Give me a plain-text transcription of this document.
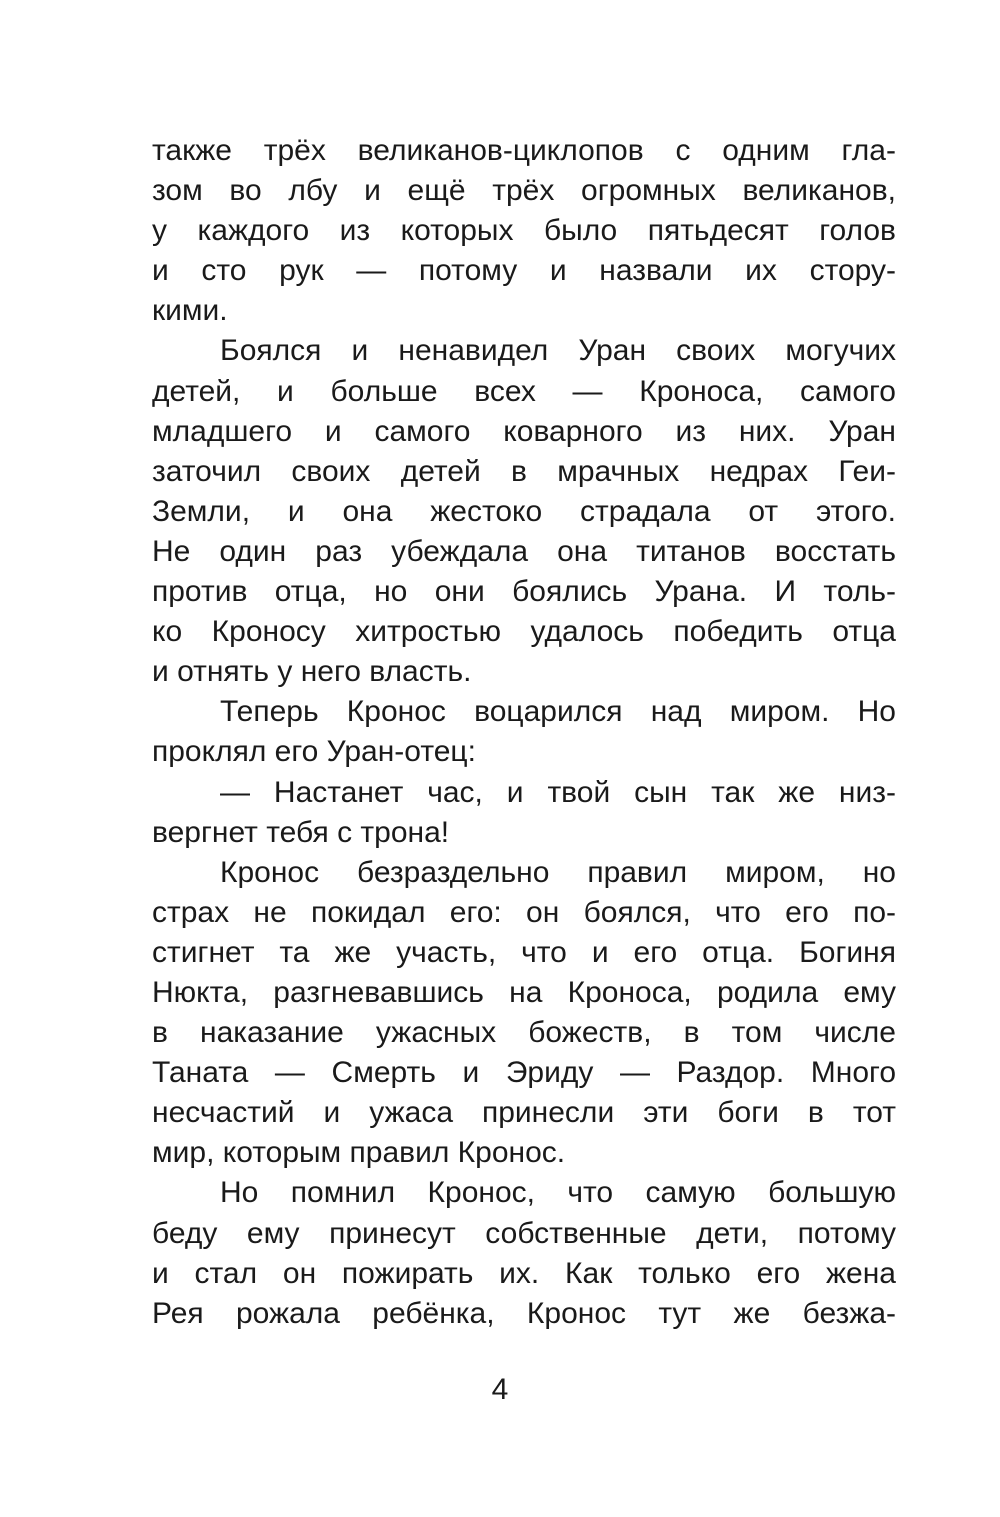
также трёх великанов-циклопов с одним гла-
зом во лбу и ещё трёх огромных великанов,
у каждого из которых было пятьдесят голов
и сто рук — потому и назвали их стору-
кими.
Боялся и ненавидел Уран своих могучих
детей, и больше всех — Кроноса, самого
младшего и самого коварного из них. Уран
заточил своих детей в мрачных недрах Геи-
Земли, и она жестоко страдала от этого.
Не один раз убеждала она титанов восстать
против отца, но они боялись Урана. И толь-
ко Кроносу хитростью удалось победить отца
и отнять у него власть.
Теперь Кронос воцарился над миром. Но
проклял его Уран-отец:
— Настанет час, и твой сын так же низ-
вергнет тебя с трона!
Кронос безраздельно правил миром, но
страх не покидал его: он боялся, что его по-
стигнет та же участь, что и его отца. Богиня
Нюкта, разгневавшись на Кроноса, родила ему
в наказание ужасных божеств, в том числе
Таната — Смерть и Эриду — Раздор. Много
несчастий и ужаса принесли эти боги в тот
мир, которым правил Кронос.
Но помнил Кронос, что самую большую
беду ему принесут собственные дети, потому
и стал он пожирать их. Как только его жена
Рея рожала ребёнка, Кронос тут же безжа-
4
